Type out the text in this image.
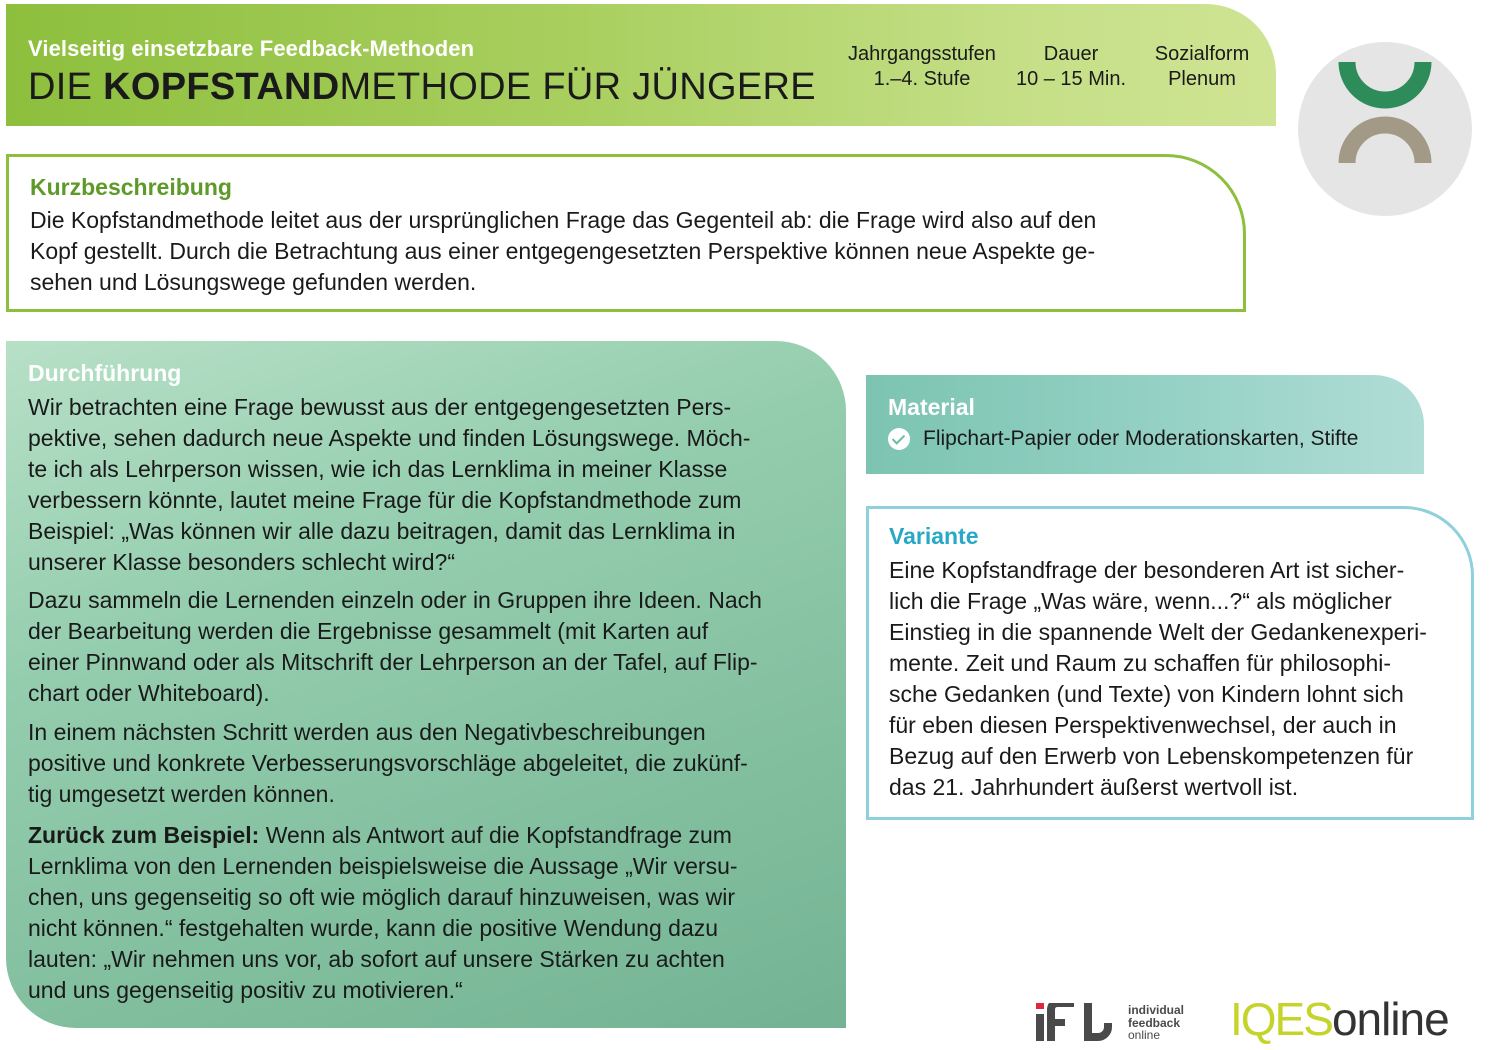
Vielseitig einsetzbare Feedback-Methoden
DIE KOPFSTANDMETHODE FÜR JÜNGERE
Jahrgangsstufen
1.–4. Stufe
Dauer
10 – 15 Min.
Sozialform
Plenum
Kurzbeschreibung
Die Kopfstandmethode leitet aus der ursprünglichen Frage das Gegenteil ab: die Frage wird also auf den
Kopf gestellt. Durch die Betrachtung aus einer entgegengesetzten Perspektive können neue Aspekte ge-
sehen und Lösungswege gefunden werden.
Durchführung
Wir betrachten eine Frage bewusst aus der entgegengesetzten Pers-
pektive, sehen dadurch neue Aspekte und finden Lösungswege. Möch-
te ich als Lehrperson wissen, wie ich das Lernklima in meiner Klasse
verbessern könnte, lautet meine Frage für die Kopfstandmethode zum
Beispiel: „Was können wir alle dazu beitragen, damit das Lernklima in
unserer Klasse besonders schlecht wird?“
Dazu sammeln die Lernenden einzeln oder in Gruppen ihre Ideen. Nach
der Bearbeitung werden die Ergebnisse gesammelt (mit Karten auf
einer Pinnwand oder als Mitschrift der Lehrperson an der Tafel, auf Flip-
chart oder Whiteboard).
In einem nächsten Schritt werden aus den Negativbeschreibungen
positive und konkrete Verbesserungsvorschläge abgeleitet, die zukünf-
tig umgesetzt werden können.
Zurück zum Beispiel: Wenn als Antwort auf die Kopfstandfrage zum
Lernklima von den Lernenden beispielsweise die Aussage „Wir versu-
chen, uns gegenseitig so oft wie möglich darauf hinzuweisen, was wir
nicht können.“ festgehalten wurde, kann die positive Wendung dazu
lauten: „Wir nehmen uns vor, ab sofort auf unsere Stärken zu achten
und uns gegenseitig positiv zu motivieren.“
Material
Flipchart-Papier oder Moderationskarten, Stifte
Variante
Eine Kopfstandfrage der besonderen Art ist sicher-
lich die Frage „Was wäre, wenn...?“ als möglicher
Einstieg in die spannende Welt der Gedankenexperi-
mente. Zeit und Raum zu schaffen für philosophi-
sche Gedanken (und Texte) von Kindern lohnt sich
für eben diesen Perspektivenwechsel, der auch in
Bezug auf den Erwerb von Lebenskompetenzen für
das 21. Jahrhundert äußerst wertvoll ist.
individual
feedback
online	IQESonline
